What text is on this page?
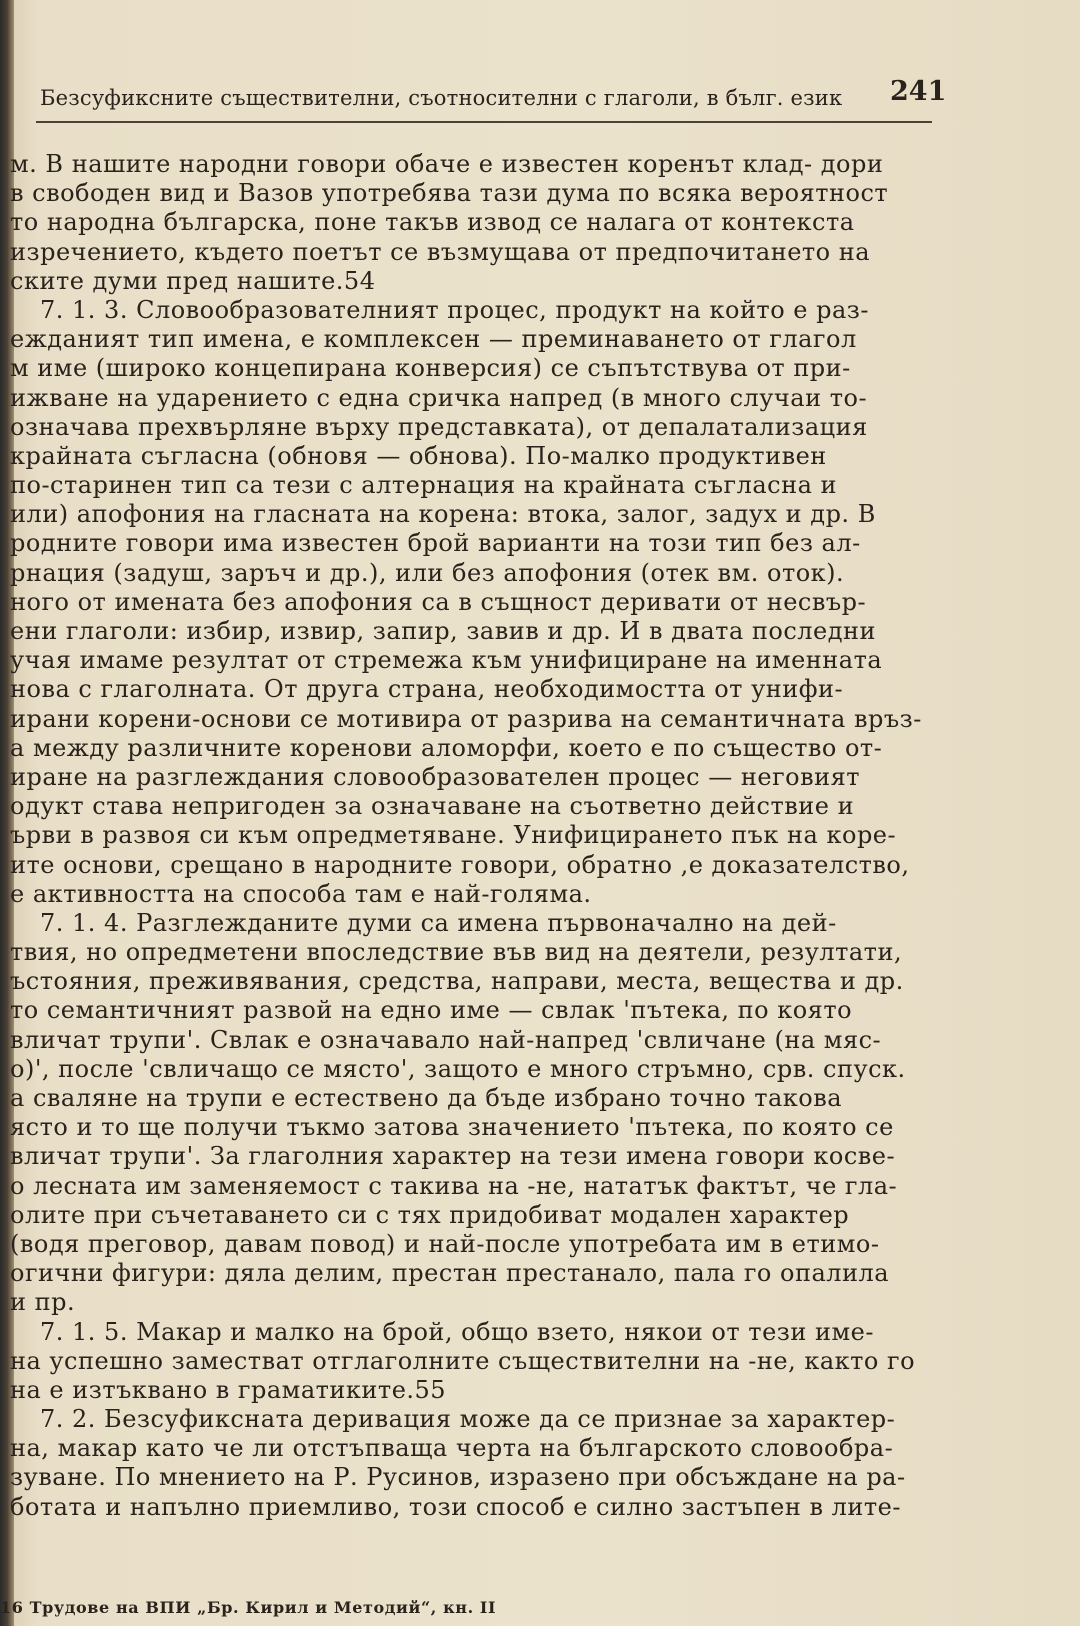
Безсуфиксните съществителни, съотносителни с глаголи, в бълг. език 241
м. В нашите народни говори обаче е известен коренът клад- дори
в свободен вид и Вазов употребява тази дума по всяка вероятност
то народна българска, поне такъв извод се налага от контекста
изречението, където поетът се възмущава от предпочитането на
ските думи пред нашите.54
7. 1. 3. Словообразователният процес, продукт на който е раз-
еждaният тип имена, е комплексен — преминаването от глагол
м име (широко концепирана конверсия) се съпътствува от при-
ижване на ударението с една сричка напред (в много случаи то-
означава прехвърляне върху представката), от депалатализация
крайната съгласна (обновя — обнова). По-малко продуктивен
по-старинен тип са тези с алтернация на крайната съгласна и
или) апофония на гласната на корена: втока, залог, задух и др. В
родните говори има известен брой варианти на този тип без ал-
рнация (задуш, заръч и др.), или без апофония (отек вм. оток).
ного от имената без апофония са в същност деривати от несвър-
ени глаголи: избир, извир, запир, завив и др. И в двата последни
учая имаме резултат от стремежа към унифициране на именната
нова с глаголната. От друга страна, необходимостта от унифи-
ирани корени-основи се мотивира от разрива на семантичната връз-
а между различните коренови аломорфи, което е по същество от-
иране на разглеждания словообразователен процес — неговият
одукт става непригоден за означаване на съответно действие и
ърви в развоя си към опредметяване. Унифицирането пък на коре-
ите основи, срещано в народните говори, обратно ,е доказателство,
е активността на способа там е най-голяма.
7. 1. 4. Разглежданите думи са имена първоначално на дей-
твия, но опредметени впоследствие във вид на деятели, резултати,
ъстояния, преживявания, средства, направи, места, вещества и др.
то семантичният развой на едно име — свлак 'пътека, по която
вличат трупи'. Свлак е означавало най-напред 'свличане (на мяс-
о)', после 'свличащо се място', защото е много стръмно, срв. спуск.
а сваляне на трупи е естествено да бъде избрано точно такова
ясто и то ще получи тъкмо затова значението 'пътека, по която се
вличат трупи'. За глаголния характер на тези имена говори косве-
о лесната им заменяемост с такива на -не, нататък фактът, че гла-
олите при съчетаването си с тях придобиват модален характер
(водя преговор, давам повод) и най-после употребата им в етимо-
огични фигури: дяла делим, престан престанало, пала го опалила
и пр.
7. 1. 5. Макар и малко на брой, общо взето, някои от тези име-
на успешно заместват отглаголните съществителни на -не, както го
на е изтъквано в граматиките.55
7. 2. Безсуфиксната деривация може да се признае за характер-
на, макар като че ли отстъпваща черта на българското словообра-
зуване. По мнението на Р. Русинов, изразено при обсъждане на ра-
ботата и напълно приемливо, този способ е силно застъпен в лите-
16 Трудове на ВПИ „Бр. Кирил и Методий“, кн. II
